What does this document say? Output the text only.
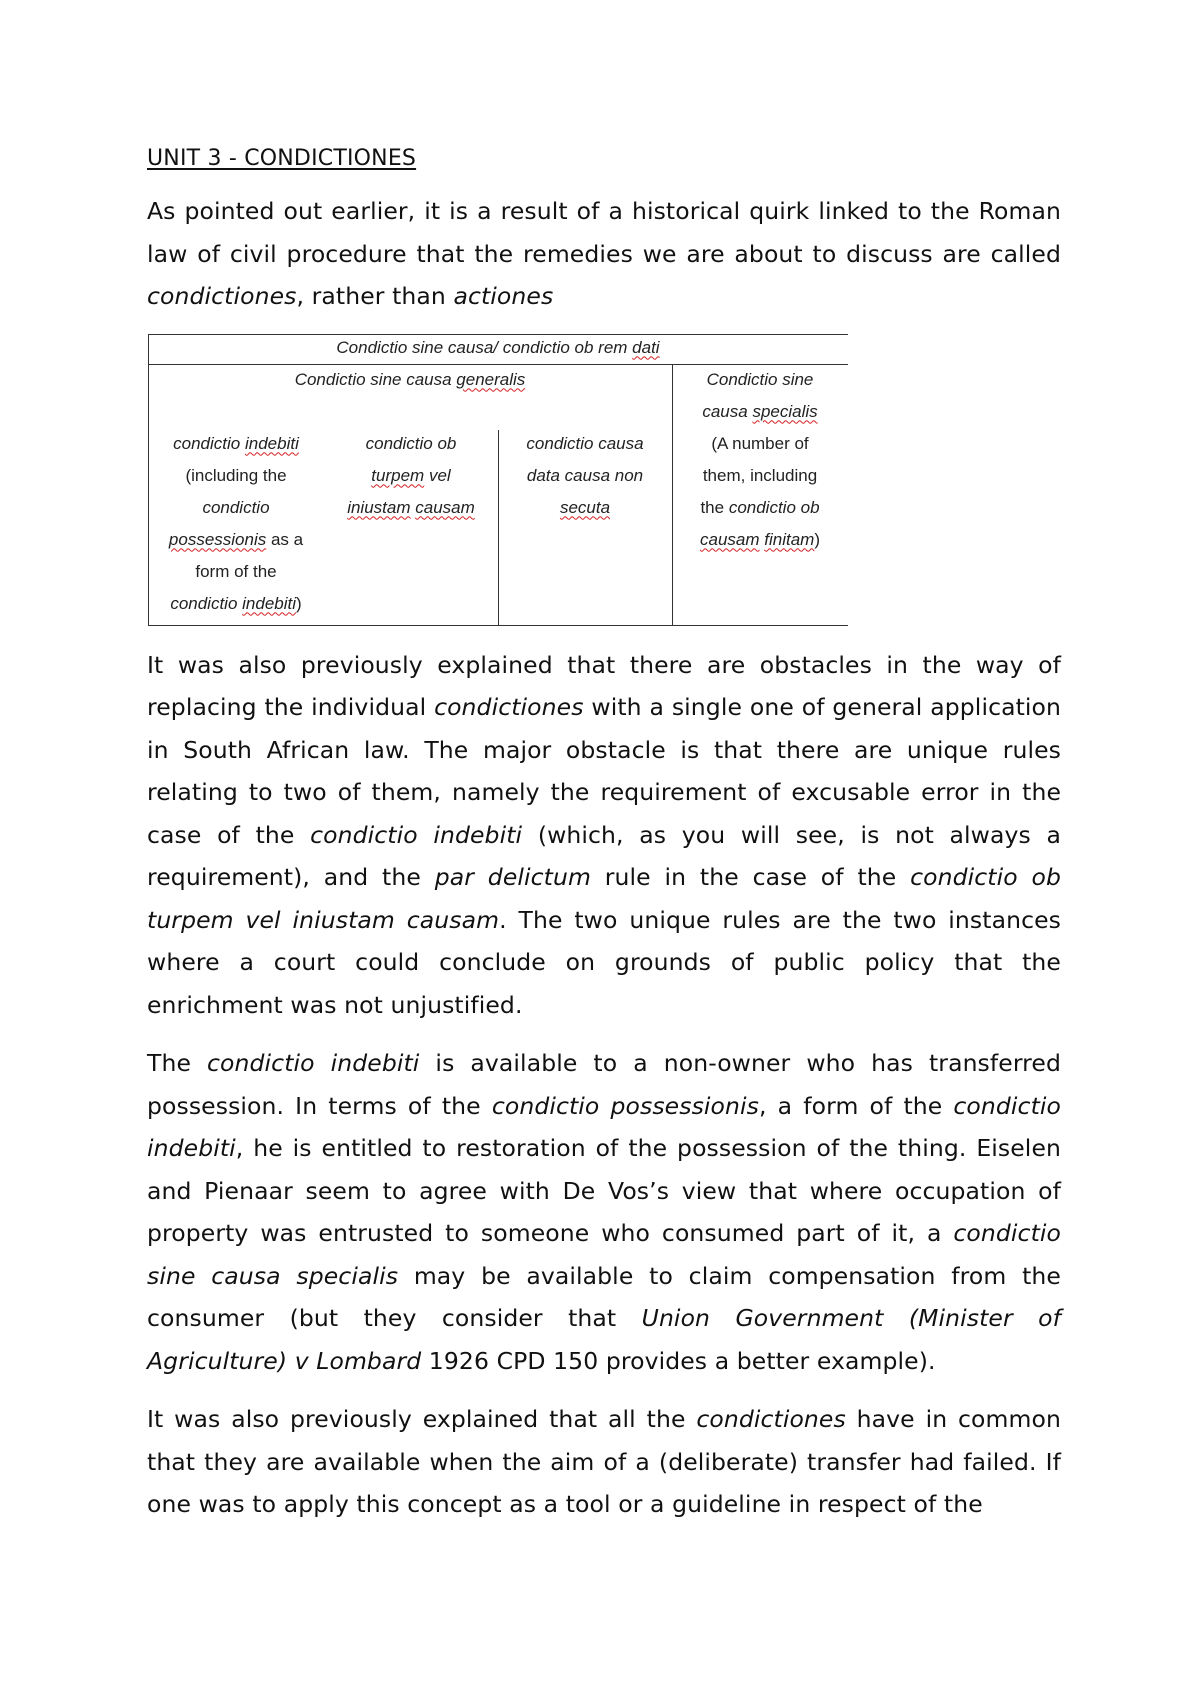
UNIT 3 - CONDICTIONES

As pointed out earlier, it is a result of a historical quirk linked to the Roman law of civil procedure that the remedies we are about to discuss are called condictiones, rather than actiones

Condictio sine causa/ condictio ob rem dati
Condictio sine causa generalis	Condictio sine
causa specialis
(A number of
them, including
the condictio ob
causam finitam)
condictio indebiti
(including the
condictio
possessionis as a
form of the
condictio indebiti)
condictio ob
turpem vel
iniustam causam
condictio causa
data causa non
secuta

It was also previously explained that there are obstacles in the way of replacing the individual condictiones with a single one of general application in South African law. The major obstacle is that there are unique rules relating to two of them, namely the requirement of excusable error in the case of the condictio indebiti (which, as you will see, is not always a requirement), and the par delictum rule in the case of the condictio ob turpem vel iniustam causam. The two unique rules are the two instances where a court could conclude on grounds of public policy that the enrichment was not unjustified.

The condictio indebiti is available to a non-owner who has transferred possession. In terms of the condictio possessionis, a form of the condictio indebiti, he is entitled to restoration of the possession of the thing. Eiselen and Pienaar seem to agree with De Vos’s view that where occupation of property was entrusted to someone who consumed part of it, a condictio sine causa specialis may be available to claim compensation from the consumer (but they consider that Union Government (Minister of Agriculture) v Lombard 1926 CPD 150 provides a better example).

It was also previously explained that all the condictiones have in common that they are available when the aim of a (deliberate) transfer had failed. If one was to apply this concept as a tool or a guideline in respect of the
